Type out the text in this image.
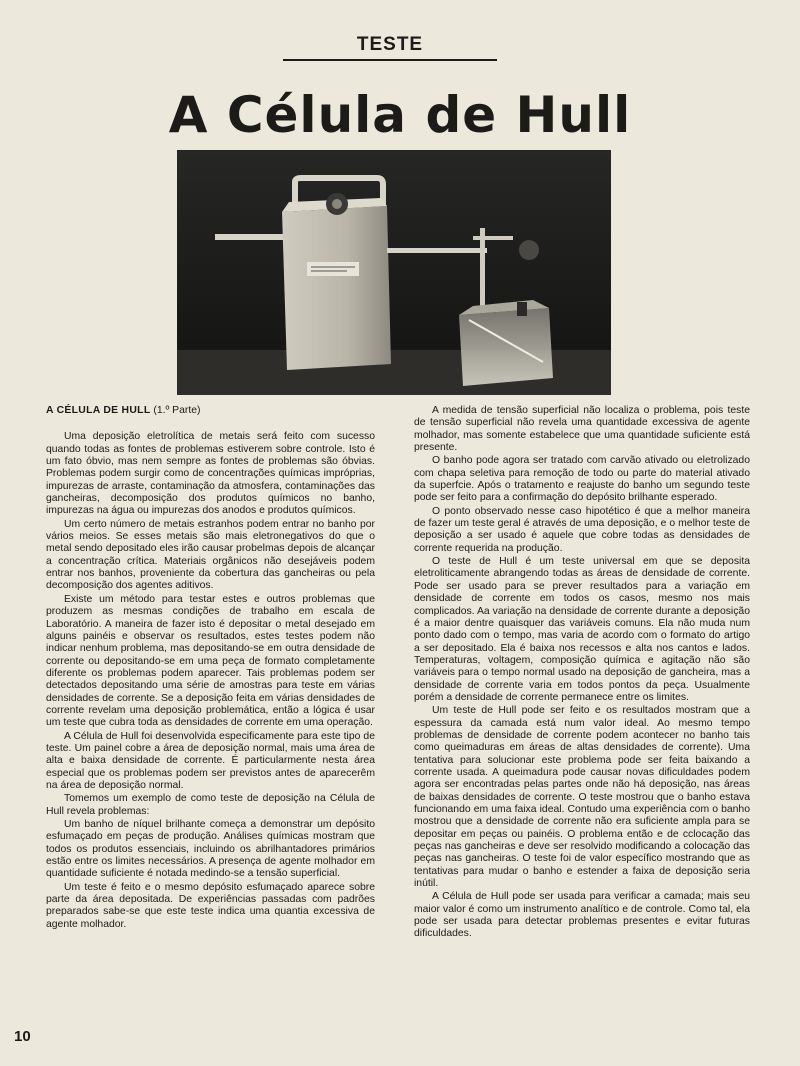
TESTE
A Célula de Hull
A CÉLULA DE HULL (1.º Parte)

Uma deposição eletrolítica de metais será feito com sucesso quando todas as fontes de problemas estiverem sobre controle. Isto é um fato óbvio, mas nem sempre as fontes de problemas são óbvias. Problemas podem surgir como de concentrações químicas impróprias, impurezas de arraste, contaminação da atmosfera, contaminações das gancheiras, decomposição dos produtos químicos no banho, impurezas na água ou impurezas dos anodos e produtos químicos.

Um certo número de metais estranhos podem entrar no banho por vários meios. Se esses metais são mais eletronegativos do que o metal sendo depositado eles irão causar probelmas depois de alcançar a concentração crítica. Materiais orgânicos não desejáveis podem entrar nos banhos, proveniente da cobertura das gancheiras ou pela decomposição dos agentes aditivos.

Existe um método para testar estes e outros problemas que produzem as mesmas condições de trabalho em escala de Laboratório. A maneira de fazer isto é depositar o metal desejado em alguns painéis e observar os resultados, estes testes podem não indicar nenhum problema, mas depositando-se em outra densidade de corrente ou depositando-se em uma peça de formato completamente diferente os problemas podem aparecer. Tais problemas podem ser detectados depositando uma série de amostras para teste em várias densidades de corrente. Se a deposição feita em várias densidades de corrente revelam uma deposição problemática, então a lógica é usar um teste que cubra toda as densidades de corrente em uma operação.

A Célula de Hull foi desenvolvida especificamente para este tipo de teste. Um painel cobre a área de deposição normal, mais uma área de alta e baixa densidade de corrente. É particularmente nesta área especial que os problemas podem ser previstos antes de aparecerêm na área de deposição normal.

Tomemos um exemplo de como teste de deposição na Célula de Hull revela problemas:

Um banho de níquel brilhante começa a demonstrar um depósito esfumaçado em peças de produção. Análises químicas mostram que todos os produtos essenciais, incluindo os abrilhantadores primários estão entre os limites necessários. A presença de agente molhador em quantidade suficiente é notada medindo-se a tensão superficial.

Um teste é feito e o mesmo depósito esfumaçado aparece sobre parte da área depositada. De experiências passadas com padrões preparados sabe-se que este teste indica uma quantia excessiva de agente molhador.

A medida de tensão superficial não localiza o problema, pois teste de tensão superficial não revela uma quantidade excessiva de agente molhador, mas somente estabelece que uma quantidade suficiente está presente.

O banho pode agora ser tratado com carvão ativado ou eletrolizado com chapa seletiva para remoção de todo ou parte do material ativado da superfcie. Após o tratamento e reajuste do banho um segundo teste pode ser feito para a confirmação do depósito brilhante esperado.

O ponto observado nesse caso hipotético é que a melhor maneira de fazer um teste geral é através de uma deposição, e o melhor teste de deposição a ser usado é aquele que cobre todas as densidades de corrente requerida na produção.

O teste de Hull é um teste universal em que se deposita eletroliticamente abrangendo todas as áreas de densidade de corrente. Pode ser usado para se prever resultados para a variação em densidade de corrente em todos os casos, mesmo nos mais complicados. Aa variação na densidade de corrente durante a deposição é a maior dentre quaisquer das variáveis comuns. Ela não muda num ponto dado com o tempo, mas varia de acordo com o formato do artigo a ser depositado. Ela é baixa nos recessos e alta nos cantos e lados. Temperaturas, voltagem, composição química e agitação não são variáveis para o tempo normal usado na deposição de gancheira, mas a densidade de corrente varia em todos pontos da peça. Usualmente porém a densidade de corrente permanece entre os limites.

Um teste de Hull pode ser feito e os resultados mostram que a espessura da camada está num valor ideal. Ao mesmo tempo problemas de densidade de corrente podem acontecer no banho tais como queimaduras em áreas de altas densidades de corrente). Uma tentativa para solucionar este problema pode ser feita baixando a corrente usada. A queimadura pode causar novas dificuldades podem agora ser encontradas pelas partes onde não há deposição, nas áreas de baixas densidades de corrente. O teste mostrou que o banho estava funcionando em uma faixa ideal. Contudo uma experiência com o banho mostrou que a densidade de corrente não era suficiente ampla para se depositar em peças ou painéis. O problema então e de cclocação das peças nas gancheiras e deve ser resolvido modificando a colocação das peças nas gancheiras. O teste foi de valor específico mostrando que as tentativas para mudar o banho e estender a faixa de deposição seria inútil.

A Célula de Hull pode ser usada para verificar a camada; mais seu maior valor é como um instrumento analítico e de controle. Como tal, ela pode ser usada para detectar problemas presentes e evitar futuras dificuldades.

10
